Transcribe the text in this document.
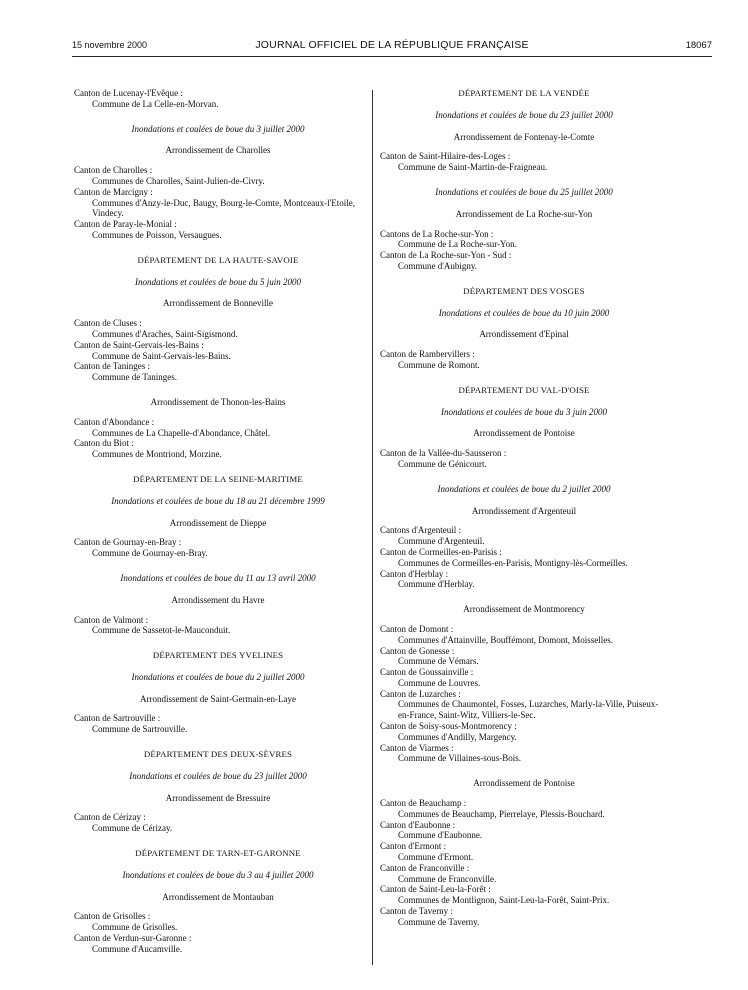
15 novembre 2000	JOURNAL OFFICIEL DE LA RÉPUBLIQUE FRANÇAISE	18067
Canton de Lucenay-l'Evêque :
Commune de La Celle-en-Morvan.
Inondations et coulées de boue du 3 juillet 2000
Arrondissement de Charolles
Canton de Charolles :
Communes de Charolles, Saint-Julien-de-Civry.
Canton de Marcigny :
Communes d'Anzy-le-Duc, Baugy, Bourg-le-Comte, Montceaux-l'Etoile, Vindecy.
Canton de Paray-le-Monial :
Communes de Poisson, Versaugues.
DÉPARTEMENT DE LA HAUTE-SAVOIE
Inondations et coulées de boue du 5 juin 2000
Arrondissement de Bonneville
Canton de Cluses :
Communes d'Araches, Saint-Sigismond.
Canton de Saint-Gervais-les-Bains :
Commune de Saint-Gervais-les-Bains.
Canton de Taninges :
Commune de Taninges.
Arrondissement de Thonon-les-Bains
Canton d'Abondance :
Communes de La Chapelle-d'Abondance, Châtel.
Canton du Biot :
Communes de Montriond, Morzine.
DÉPARTEMENT DE LA SEINE-MARITIME
Inondations et coulées de boue du 18 au 21 décembre 1999
Arrondissement de Dieppe
Canton de Gournay-en-Bray :
Commune de Gournay-en-Bray.
Inondations et coulées de boue du 11 au 13 avril 2000
Arrondissement du Havre
Canton de Valmont :
Commune de Sassetot-le-Mauconduit.
DÉPARTEMENT DES YVELINES
Inondations et coulées de boue du 2 juillet 2000
Arrondissement de Saint-Germain-en-Laye
Canton de Sartrouville :
Commune de Sartrouville.
DÉPARTEMENT DES DEUX-SÈVRES
Inondations et coulées de boue du 23 juillet 2000
Arrondissement de Bressuire
Canton de Cérizay :
Commune de Cérizay.
DÉPARTEMENT DE TARN-ET-GARONNE
Inondations et coulées de boue du 3 au 4 juillet 2000
Arrondissement de Montauban
Canton de Grisolles :
Commune de Grisolles.
Canton de Verdun-sur-Garonne :
Commune d'Aucamville.
DÉPARTEMENT DE LA VENDÉE
Inondations et coulées de boue du 23 juillet 2000
Arrondissement de Fontenay-le-Comte
Canton de Saint-Hilaire-des-Loges :
Commune de Saint-Martin-de-Fraigneau.
Inondations et coulées de boue du 25 juillet 2000
Arrondissement de La Roche-sur-Yon
Cantons de La Roche-sur-Yon :
Commune de La Roche-sur-Yon.
Canton de La Roche-sur-Yon - Sud :
Commune d'Aubigny.
DÉPARTEMENT DES VOSGES
Inondations et coulées de boue du 10 juin 2000
Arrondissement d'Epinal
Canton de Rambervillers :
Commune de Romont.
DÉPARTEMENT DU VAL-D'OISE
Inondations et coulées de boue du 3 juin 2000
Arrondissement de Pontoise
Canton de la Vallée-du-Sausseron :
Commune de Génicourt.
Inondations et coulées de boue du 2 juillet 2000
Arrondissement d'Argenteuil
Cantons d'Argenteuil :
Commune d'Argenteuil.
Canton de Cormeilles-en-Parisis :
Communes de Cormeilles-en-Parisis, Montigny-lès-Cormeilles.
Canton d'Herblay :
Commune d'Herblay.
Arrondissement de Montmorency
Canton de Domont :
Communes d'Attainville, Bouffémont, Domont, Moisselles.
Canton de Gonesse :
Commune de Vémars.
Canton de Goussainville :
Commune de Louvres.
Canton de Luzarches :
Communes de Chaumontel, Fosses, Luzarches, Marly-la-Ville, Puiseux-en-France, Saint-Witz, Villiers-le-Sec.
Canton de Soisy-sous-Montmorency :
Communes d'Andilly, Margency.
Canton de Viarmes :
Commune de Villaines-sous-Bois.
Arrondissement de Pontoise
Canton de Beauchamp :
Communes de Beauchamp, Pierrelaye, Plessis-Bouchard.
Canton d'Eaubonne :
Commune d'Eaubonne.
Canton d'Ermont :
Commune d'Ermont.
Canton de Franconville :
Commune de Franconville.
Canton de Saint-Leu-la-Forêt :
Communes de Montlignon, Saint-Leu-la-Forêt, Saint-Prix.
Canton de Taverny :
Commune de Taverny.
